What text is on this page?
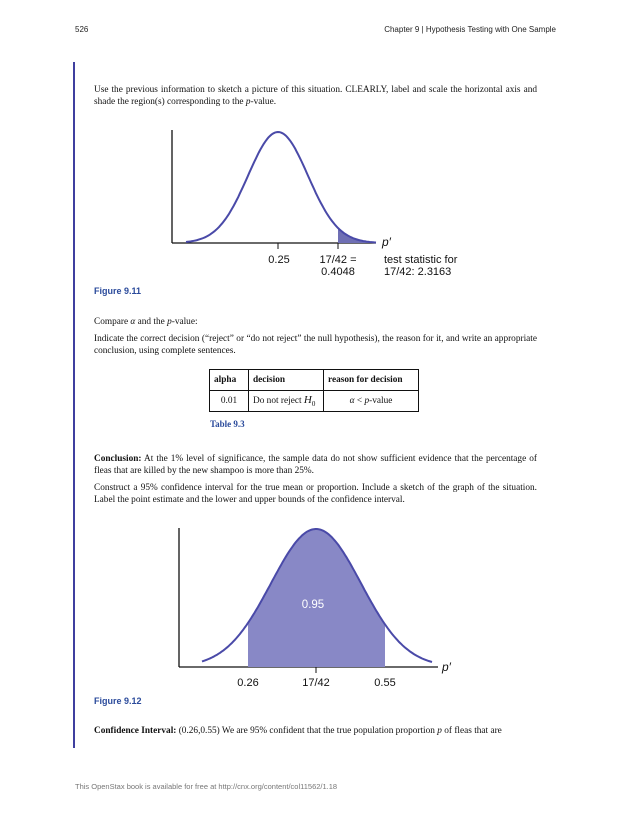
526	Chapter 9 | Hypothesis Testing with One Sample
Use the previous information to sketch a picture of this situation. CLEARLY, label and scale the horizontal axis and shade the region(s) corresponding to the p-value.
p′
0.25	17/42 =
0.4048
test statistic for
17/42: 2.3163
Figure 9.11
Compare α and the p-value:
Indicate the correct decision (“reject” or “do not reject” the null hypothesis), the reason for it, and write an appropriate conclusion, using complete sentences.
alpha	decision	reason for decision
0.01	Do not reject $H_0$	α < p-value
Table 9.3
Conclusion: At the 1% level of significance, the sample data do not show sufficient evidence that the percentage of fleas that are killed by the new shampoo is more than 25%.
Construct a 95% confidence interval for the true mean or proportion. Include a sketch of the graph of the situation. Label the point estimate and the lower and upper bounds of the confidence interval.
0.95
p′
0.26	17/42	0.55
Figure 9.12
Confidence Interval: (0.26,0.55) We are 95% confident that the true population proportion p of fleas that are
This OpenStax book is available for free at http://cnx.org/content/col11562/1.18
